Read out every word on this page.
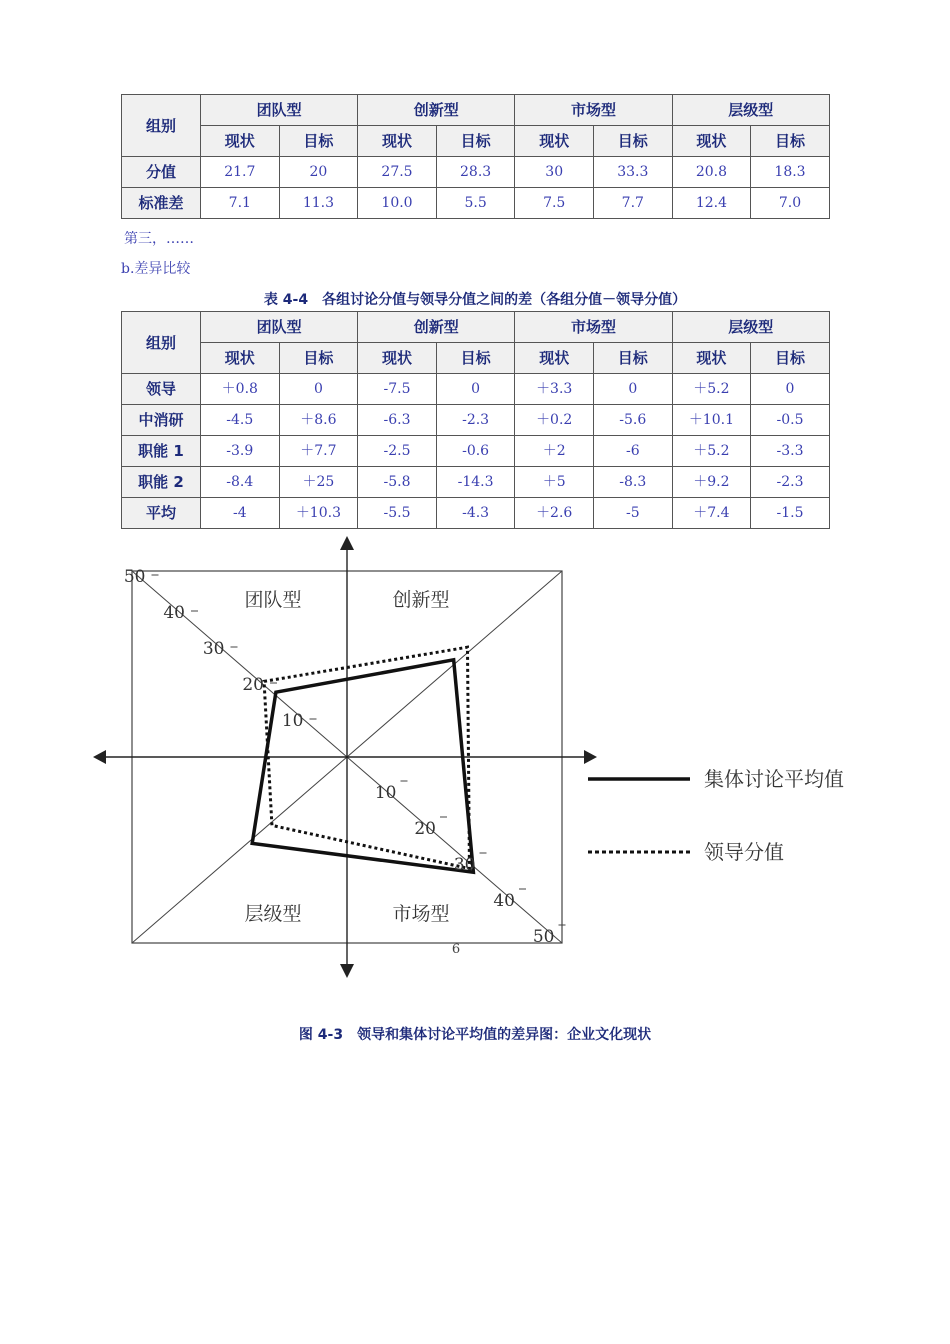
组别	团队型		创新型		市场型		层级型	
	现状	目标	现状	目标	现状	目标	现状	目标
分值	21.7	20	27.5	28.3	30	33.3	20.8	18.3
标准差	7.1	11.3	10.0	5.5	7.5	7.7	12.4	7.0
第三，……
b.差异比较
表 4-4　各组讨论分值与领导分值之间的差（各组分值－领导分值）
组别	团队型		创新型		市场型		层级型	
	现状	目标	现状	目标	现状	目标	现状	目标
领导	＋0.8	0	-7.5	0	＋3.3	0	＋5.2	0
中消研	-4.5	＋8.6	-6.3	-2.3	＋0.2	-5.6	＋10.1	-0.5
职能 1	-3.9	＋7.7	-2.5	-0.6	＋2	-6	＋5.2	-3.3
职能 2	-8.4	＋25	-5.8	-14.3	＋5	-8.3	＋9.2	-2.3
平均	-4	＋10.3	-5.5	-4.3	＋2.6	-5	＋7.4	-1.5
10
20
30
40
50
10
20
30
40
50
团队型	创新型
层级型	市场型
集体讨论平均值
领导分值
6
图 4-3　领导和集体讨论平均值的差异图：企业文化现状
